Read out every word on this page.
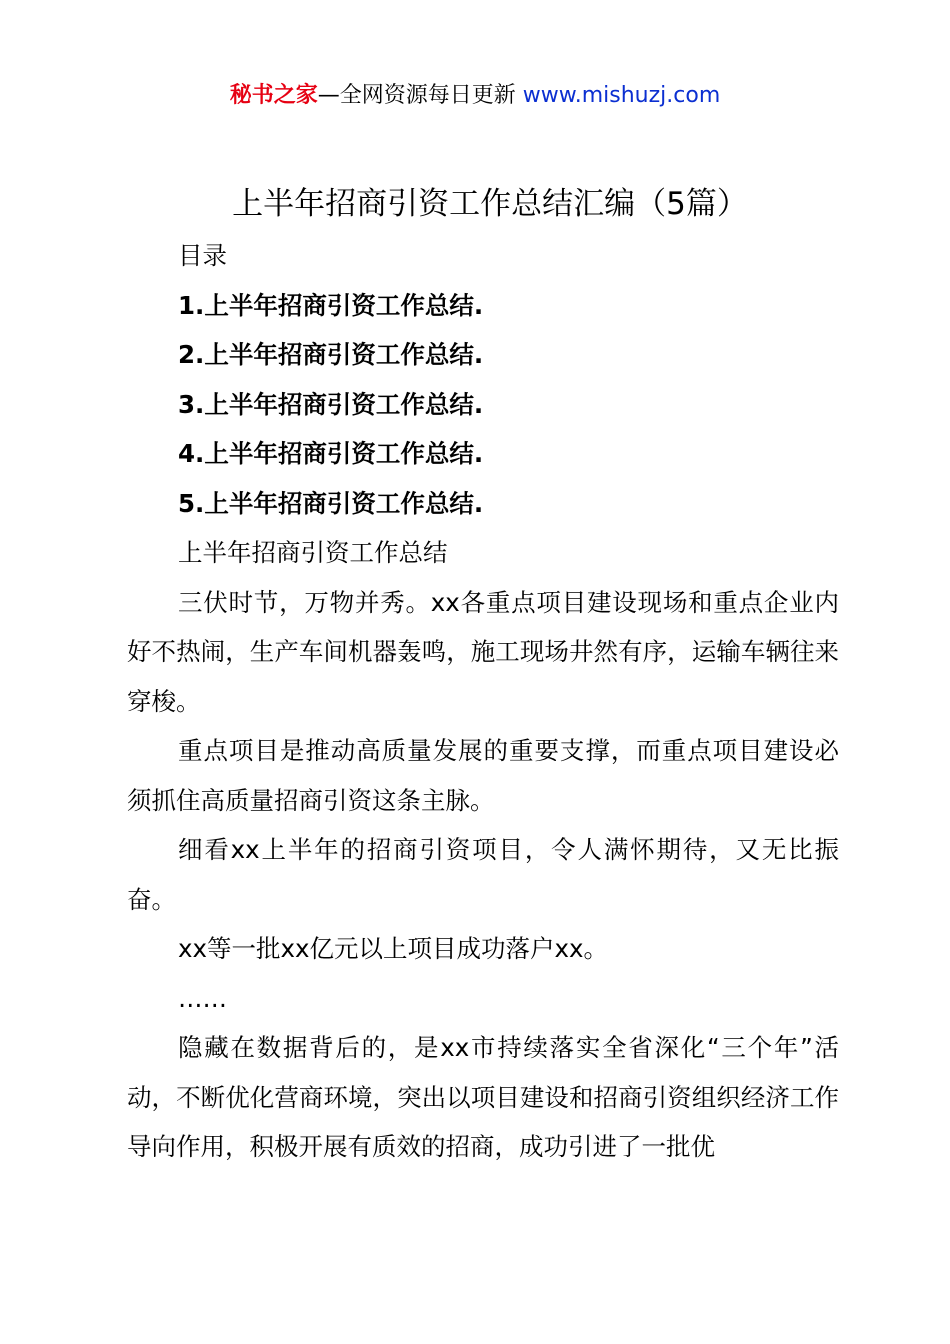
秘书之家—全网资源每日更新 www.mishuzj.com
上半年招商引资工作总结汇编（5篇）

目录

1.上半年招商引资工作总结.

2.上半年招商引资工作总结.

3.上半年招商引资工作总结.

4.上半年招商引资工作总结.

5.上半年招商引资工作总结.

上半年招商引资工作总结

三伏时节，万物并秀。xx各重点项目建设现场和重点企业内好不热闹，生产车间机器轰鸣，施工现场井然有序，运输车辆往来穿梭。

重点项目是推动高质量发展的重要支撑，而重点项目建设必须抓住高质量招商引资这条主脉。

细看xx上半年的招商引资项目，令人满怀期待，又无比振奋。

xx等一批xx亿元以上项目成功落户xx。

……

隐藏在数据背后的，是xx市持续落实全省深化“三个年”活动，不断优化营商环境，突出以项目建设和招商引资组织经济工作导向作用，积极开展有质效的招商，成功引进了一批优
